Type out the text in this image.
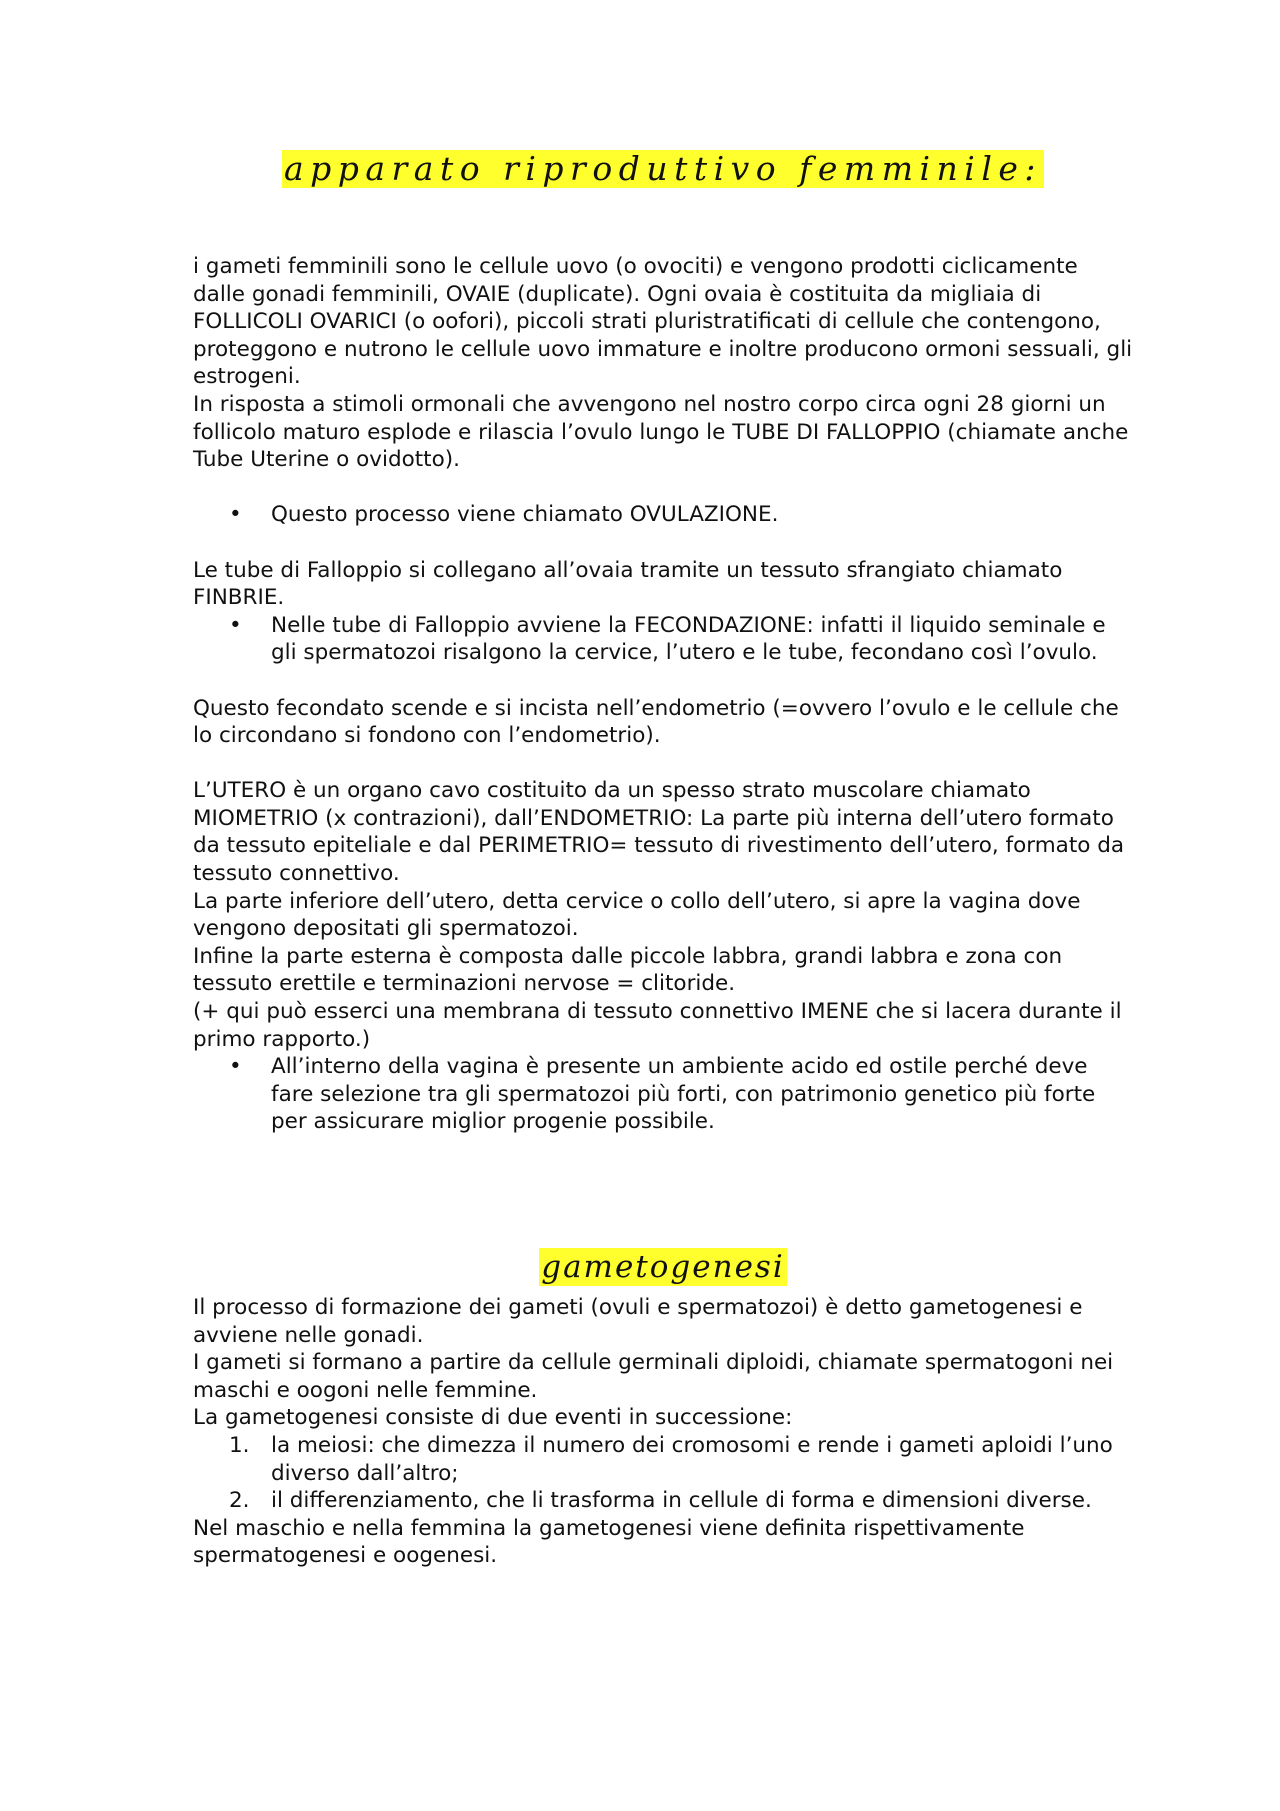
apparato riproduttivo femminile:

i gameti femminili sono le cellule uovo (o ovociti) e vengono prodotti ciclicamente dalle gonadi femminili, OVAIE (duplicate). Ogni ovaia è costituita da migliaia di FOLLICOLI OVARICI (o oofori), piccoli strati pluristratificati di cellule che contengono, proteggono e nutrono le cellule uovo immature e inoltre producono ormoni sessuali, gli estrogeni.

In risposta a stimoli ormonali che avvengono nel nostro corpo circa ogni 28 giorni un follicolo maturo esplode e rilascia l’ovulo lungo le TUBE DI FALLOPPIO (chiamate anche Tube Uterine o ovidotto).

• Questo processo viene chiamato OVULAZIONE.

Le tube di Falloppio si collegano all’ovaia tramite un tessuto sfrangiato chiamato FINBRIE.

• Nelle tube di Falloppio avviene la FECONDAZIONE: infatti il liquido seminale e gli spermatozoi risalgono la cervice, l’utero e le tube, fecondano così l’ovulo.

Questo fecondato scende e si incista nell’endometrio (=ovvero l’ovulo e le cellule che lo circondano si fondono con l’endometrio).

L’UTERO è un organo cavo costituito da un spesso strato muscolare chiamato MIOMETRIO (x contrazioni), dall’ENDOMETRIO: La parte più interna dell’utero formato da tessuto epiteliale e dal PERIMETRIO= tessuto di rivestimento dell’utero, formato da tessuto connettivo.

La parte inferiore dell’utero, detta cervice o collo dell’utero, si apre la vagina dove vengono depositati gli spermatozoi.

Infine la parte esterna è composta dalle piccole labbra, grandi labbra e zona con tessuto erettile e terminazioni nervose = clitoride.

(+ qui può esserci una membrana di tessuto connettivo IMENE che si lacera durante il primo rapporto.)

• All’interno della vagina è presente un ambiente acido ed ostile perché deve fare selezione tra gli spermatozoi più forti, con patrimonio genetico più forte per assicurare miglior progenie possibile.
gametogenesi

Il processo di formazione dei gameti (ovuli e spermatozoi) è detto gametogenesi e avviene nelle gonadi.

I gameti si formano a partire da cellule germinali diploidi, chiamate spermatogoni nei maschi e oogoni nelle femmine.

La gametogenesi consiste di due eventi in successione:

1. la meiosi: che dimezza il numero dei cromosomi e rende i gameti aploidi l’uno diverso dall’altro;
2. il differenziamento, che li trasforma in cellule di forma e dimensioni diverse.

Nel maschio e nella femmina la gametogenesi viene definita rispettivamente spermatogenesi e oogenesi.
